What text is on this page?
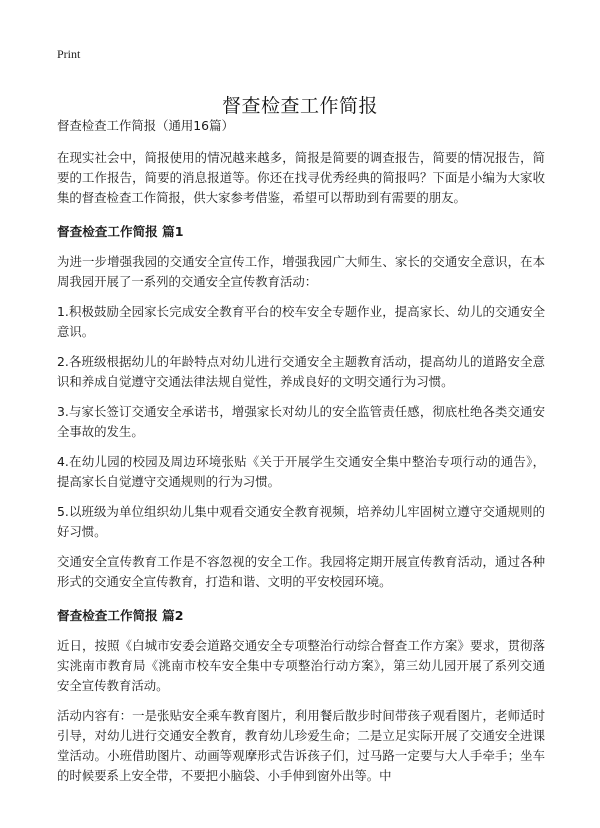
Print
督查检查工作简报

督查检查工作简报（通用16篇）

在现实社会中，简报使用的情况越来越多，简报是简要的调查报告，简要的情况报告，简要的工作报告，简要的消息报道等。你还在找寻优秀经典的简报吗？下面是小编为大家收集的督查检查工作简报，供大家参考借鉴，希望可以帮助到有需要的朋友。

督查检查工作简报 篇1

为进一步增强我园的交通安全宣传工作，增强我园广大师生、家长的交通安全意识，在本周我园开展了一系列的交通安全宣传教育活动：

1.积极鼓励全园家长完成安全教育平台的校车安全专题作业，提高家长、幼儿的交通安全意识。

2.各班级根据幼儿的年龄特点对幼儿进行交通安全主题教育活动，提高幼儿的道路安全意识和养成自觉遵守交通法律法规自觉性，养成良好的文明交通行为习惯。

3.与家长签订交通安全承诺书，增强家长对幼儿的安全监管责任感，彻底杜绝各类交通安全事故的发生。

4.在幼儿园的校园及周边环境张贴《关于开展学生交通安全集中整治专项行动的通告》，提高家长自觉遵守交通规则的行为习惯。

5.以班级为单位组织幼儿集中观看交通安全教育视频，培养幼儿牢固树立遵守交通规则的好习惯。

交通安全宣传教育工作是不容忽视的安全工作。我园将定期开展宣传教育活动，通过各种形式的交通安全宣传教育，打造和谐、文明的平安校园环境。

督查检查工作简报 篇2

近日，按照《白城市安委会道路交通安全专项整治行动综合督查工作方案》要求，贯彻落实洮南市教育局《洮南市校车安全集中专项整治行动方案》，第三幼儿园开展了系列交通安全宣传教育活动。

活动内容有：一是张贴安全乘车教育图片，利用餐后散步时间带孩子观看图片，老师适时引导，对幼儿进行交通安全教育，教育幼儿珍爱生命；二是立足实际开展了交通安全进课堂活动。小班借助图片、动画等观摩形式告诉孩子们，过马路一定要与大人手牵手；坐车的时候要系上安全带，不要把小脑袋、小手伸到窗外出等。中
